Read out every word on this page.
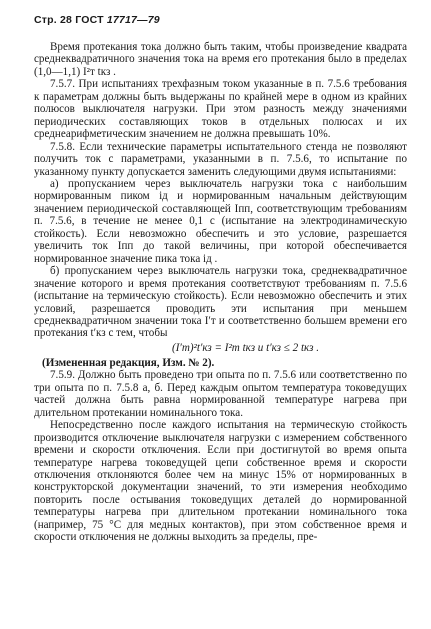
Стр. 28 ГОСТ 17717—79

Время протекания тока должно быть таким, чтобы произведение квадрата среднеквадратичного значения тока на время его протекания было в пределах (1,0—1,1) I²т tкз .

7.5.7. При испытаниях трехфазным током указанные в п. 7.5.6 требования к параметрам должны быть выдержаны по крайней мере в одном из крайних полюсов выключателя нагрузки. При этом разность между значениями периодических составляющих токов в отдельных полюсах и их среднеарифметическим значением не должна превышать 10%.

7.5.8. Если технические параметры испытательного стенда не позволяют получить ток с параметрами, указанными в п. 7.5.6, то испытание по указанному пункту допускается заменить следующими двумя испытаниями:

а) пропусканием через выключатель нагрузки тока с наибольшим нормированным пиком iд и нормированным начальным действующим значением периодической составляющей Iпп, соответствующим требованиям п. 7.5.6, в течение не менее 0,1 с (испытание на электродинамическую стойкость). Если невозможно обеспечить и это условие, разрешается увеличить ток Iпп до такой величины, при которой обеспечивается нормированное значение пика тока iд .

б) пропусканием через выключатель нагрузки тока, среднеквадратичное значение которого и время протекания соответствуют требованиям п. 7.5.6 (испытание на термическую стойкость). Если невозможно обеспечить и этих условий, разрешается проводить эти испытания при меньшем среднеквадратичном значении тока I′т и соответственно большем времени его протекания t′кз с тем, чтобы

(I′т)²t′кз = I²т tкз и t′кз ≤ 2 tкз .

(Измененная редакция, Изм. № 2).

7.5.9. Должно быть проведено три опыта по п. 7.5.6 или соответственно по три опыта по п. 7.5.8 а, б. Перед каждым опытом температура токоведущих частей должна быть равна нормированной температуре нагрева при длительном протекании номинального тока.

Непосредственно после каждого испытания на термическую стойкость производится отключение выключателя нагрузки с измерением собственного времени и скорости отключения. Если при достигнутой во время опыта температуре нагрева токоведущей цепи собственное время и скорости отключения отклоняются более чем на минус 15% от нормированных в конструкторской документации значений, то эти измерения необходимо повторить после остывания токоведущих деталей до нормированной температуры нагрева при длительном протекании номинального тока (например, 75 °С для медных контактов), при этом собственное время и скорости отключения не должны выходить за пределы, пре-
